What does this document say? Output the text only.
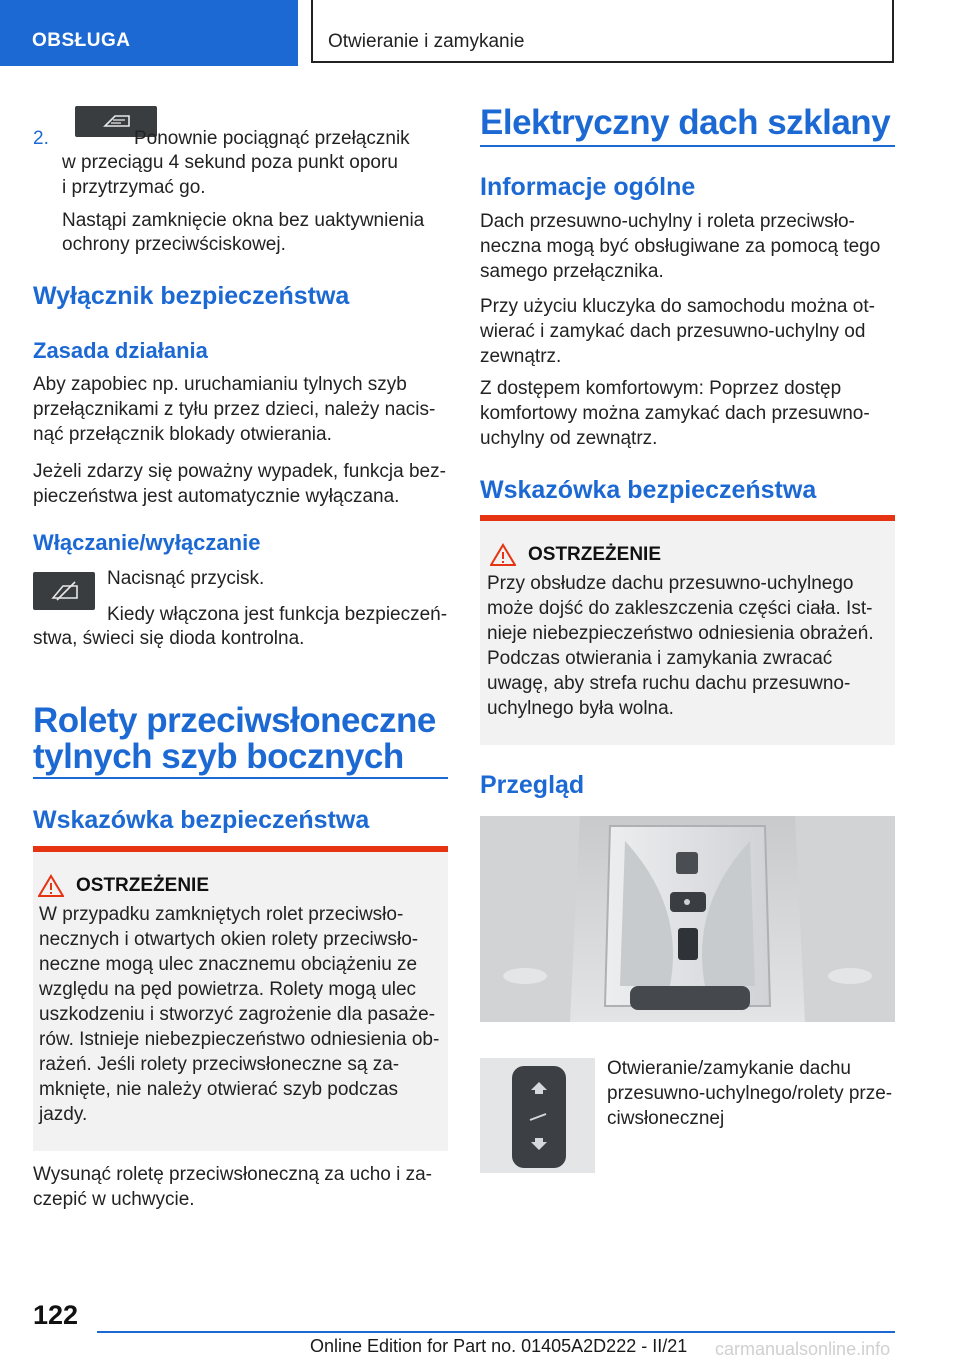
OBSŁUGA	Otwieranie i zamykanie
2.	Ponownie pociągnąć przełącznik

w przeciągu 4 sekund poza punkt oporu

i przytrzymać go.

Nastąpi zamknięcie okna bez uaktywnienia

ochrony przeciwściskowej.

Wyłącznik bezpieczeństwa
Zasada działania

Aby zapobiec np. uruchamianiu tylnych szyb

przełącznikami z tyłu przez dzieci, należy nacis-

nąć przełącznik blokady otwierania.

Jeżeli zdarzy się poważny wypadek, funkcja bez-

pieczeństwa jest automatycznie wyłączana.

Włączanie/wyłączanie

Nacisnąć przycisk.

Kiedy włączona jest funkcja bezpieczeń-

stwa, świeci się dioda kontrolna.

Rolety przeciwsłoneczne
tylnych szyb bocznych
Wskazówka bezpieczeństwa
OSTRZEŻENIE

W przypadku zamkniętych rolet przeciwsło-

necznych i otwartych okien rolety przeciwsło-

neczne mogą ulec znacznemu obciążeniu ze

względu na pęd powietrza. Rolety mogą ulec

uszkodzeniu i stworzyć zagrożenie dla pasaże-

rów. Istnieje niebezpieczeństwo odniesienia ob-

rażeń. Jeśli rolety przeciwsłoneczne są za-

mknięte, nie należy otwierać szyb podczas

jazdy.

Wysunąć roletę przeciwsłoneczną za ucho i za-

czepić w uchwycie.

Elektryczny dach szklany
Informacje ogólne

Dach przesuwno-uchylny i roleta przeciwsło-

neczna mogą być obsługiwane za pomocą tego

samego przełącznika.

Przy użyciu kluczyka do samochodu można ot-

wierać i zamykać dach przesuwno-uchylny od

zewnątrz.

Z dostępem komfortowym: Poprzez dostęp

komfortowy można zamykać dach przesuwno-

uchylny od zewnątrz.

Wskazówka bezpieczeństwa
OSTRZEŻENIE

Przy obsłudze dachu przesuwno-uchylnego

może dojść do zakleszczenia części ciała. Ist-

nieje niebezpieczeństwo odniesienia obrażeń.

Podczas otwierania i zamykania zwracać

uwagę, aby strefa ruchu dachu przesuwno-

uchylnego była wolna.

Przegląd

Otwieranie/zamykanie dachu

przesuwno-uchylnego/rolety prze-

ciwsłonecznej

122
Online Edition for Part no. 01405A2D222 - II/21 carmanualsonline.info
